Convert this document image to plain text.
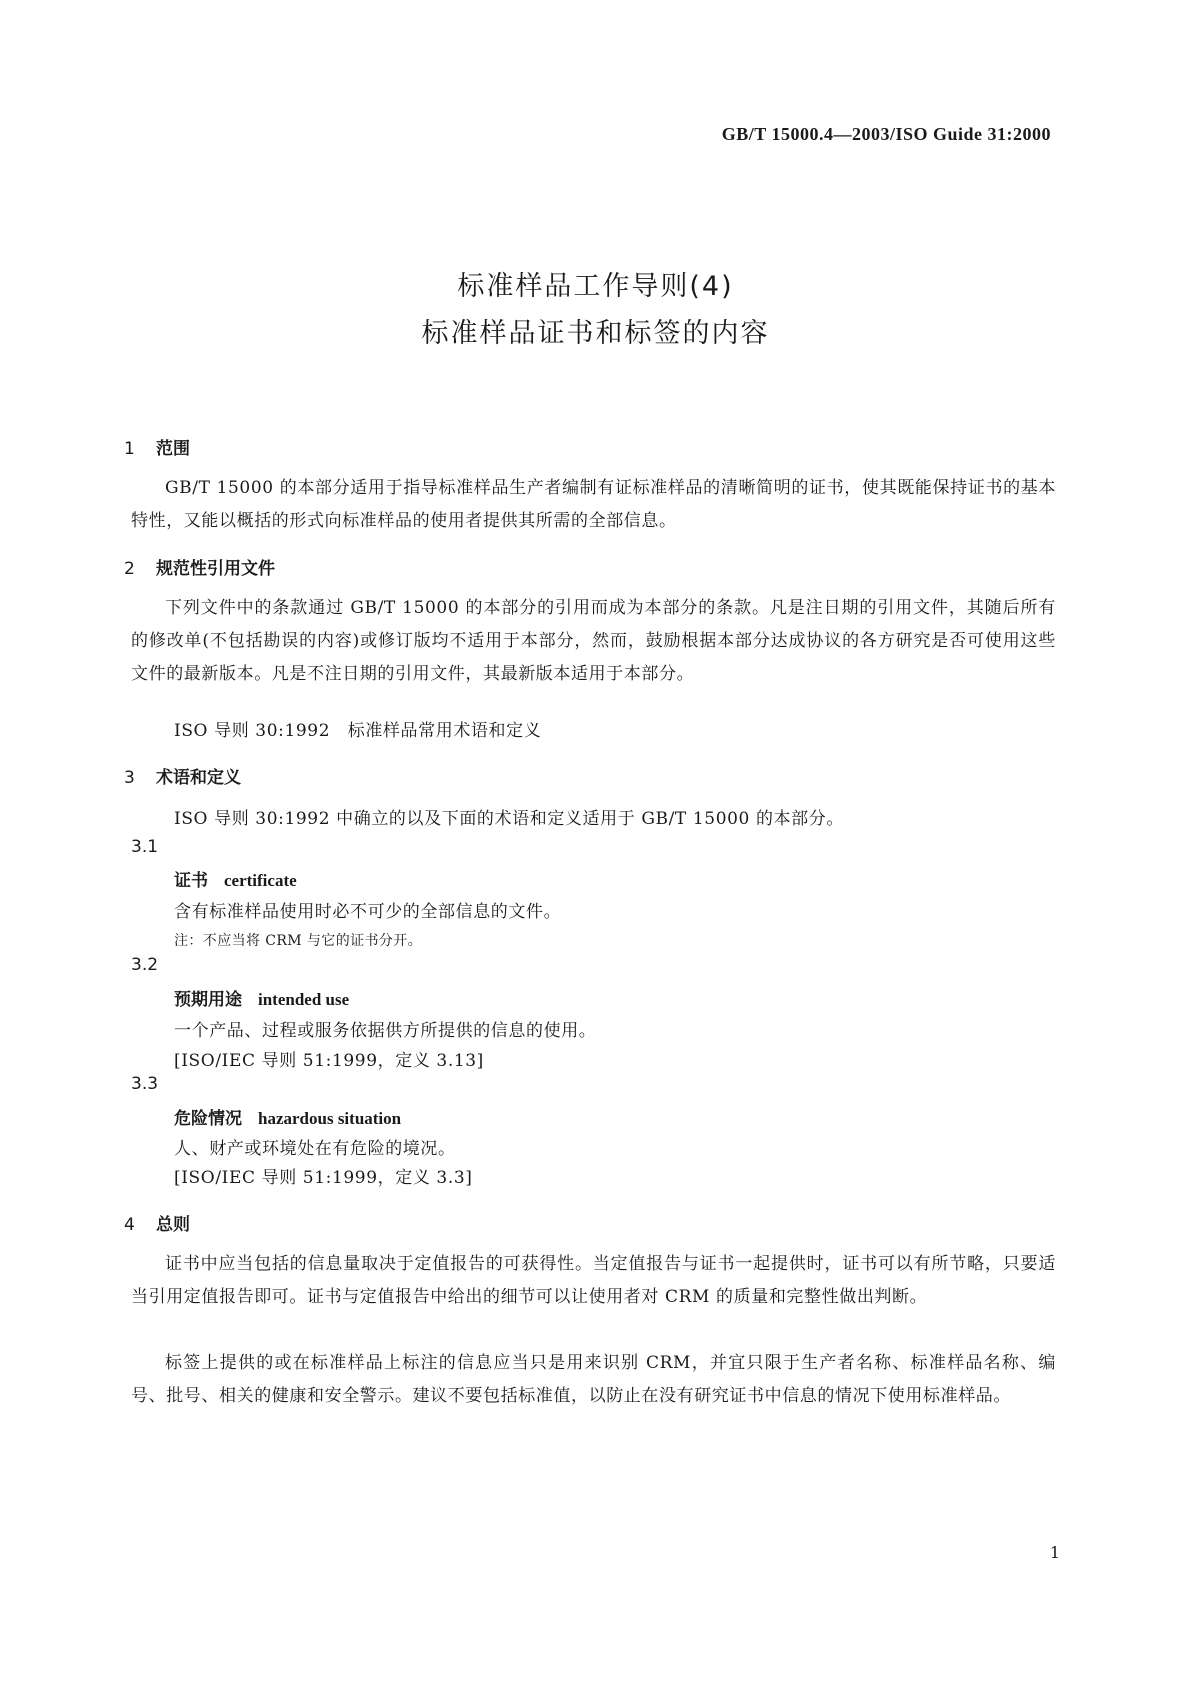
GB/T 15000.4—2003/ISO Guide 31:2000
标准样品工作导则(4)
标准样品证书和标签的内容
1 范围

GB/T 15000 的本部分适用于指导标准样品生产者编制有证标准样品的清晰简明的证书，使其既能保持证书的基本特性，又能以概括的形式向标准样品的使用者提供其所需的全部信息。

2 规范性引用文件

下列文件中的条款通过 GB/T 15000 的本部分的引用而成为本部分的条款。凡是注日期的引用文件，其随后所有的修改单(不包括勘误的内容)或修订版均不适用于本部分，然而，鼓励根据本部分达成协议的各方研究是否可使用这些文件的最新版本。凡是不注日期的引用文件，其最新版本适用于本部分。

ISO 导则 30:1992　标准样品常用术语和定义
3 术语和定义
ISO 导则 30:1992 中确立的以及下面的术语和定义适用于 GB/T 15000 的本部分。
3.1
证书 certificate
含有标准样品使用时必不可少的全部信息的文件。
注：不应当将 CRM 与它的证书分开。
3.2
预期用途 intended use
一个产品、过程或服务依据供方所提供的信息的使用。
[ISO/IEC 导则 51:1999，定义 3.13]
3.3
危险情况 hazardous situation
人、财产或环境处在有危险的境况。
[ISO/IEC 导则 51:1999，定义 3.3]
4 总则

证书中应当包括的信息量取决于定值报告的可获得性。当定值报告与证书一起提供时，证书可以有所节略，只要适当引用定值报告即可。证书与定值报告中给出的细节可以让使用者对 CRM 的质量和完整性做出判断。

标签上提供的或在标准样品上标注的信息应当只是用来识别 CRM，并宜只限于生产者名称、标准样品名称、编号、批号、相关的健康和安全警示。建议不要包括标准值，以防止在没有研究证书中信息的情况下使用标准样品。

1
